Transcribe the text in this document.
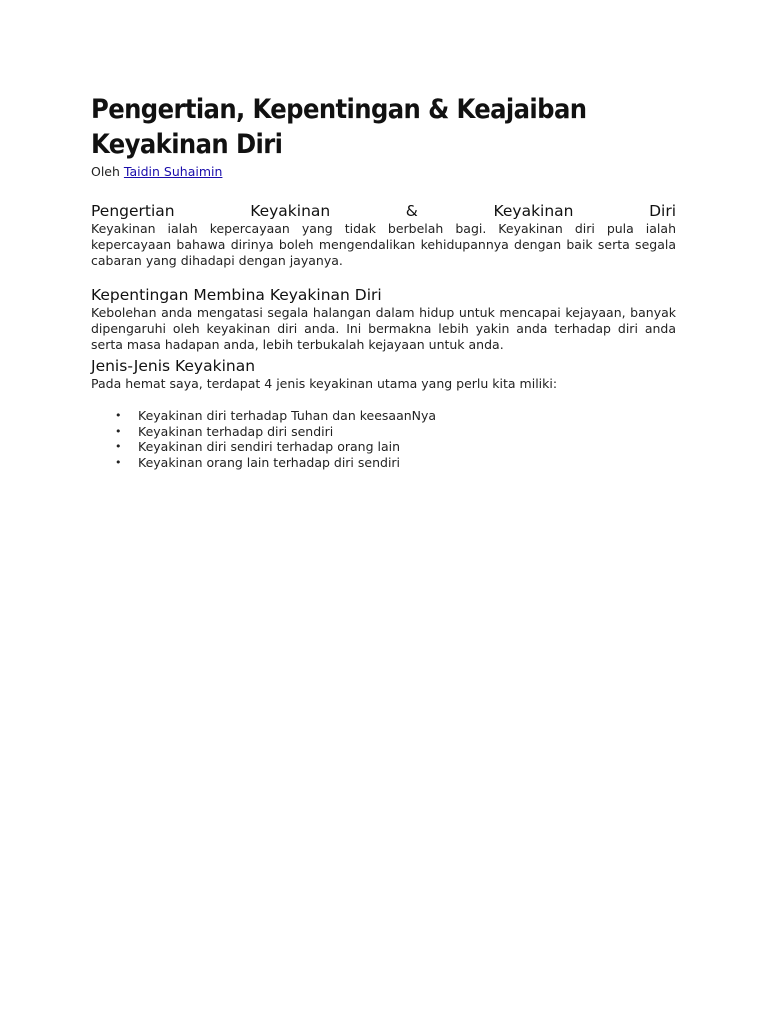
Pengertian, Kepentingan & Keajaiban
Keyakinan Diri
Oleh Taidin Suhaimin
Pengertian	Keyakinan	&	Keyakinan	Diri

Keyakinan ialah kepercayaan yang tidak berbelah bagi. Keyakinan diri pula ialah kepercayaan bahawa dirinya boleh mengendalikan kehidupannya dengan baik serta segala cabaran yang dihadapi dengan jayanya.

Kepentingan Membina Keyakinan Diri

Kebolehan anda mengatasi segala halangan dalam hidup untuk mencapai kejayaan, banyak dipengaruhi oleh keyakinan diri anda. Ini bermakna lebih yakin anda terhadap diri anda serta masa hadapan anda, lebih terbukalah kejayaan untuk anda.

Jenis-Jenis Keyakinan

Pada hemat saya, terdapat 4 jenis keyakinan utama yang perlu kita miliki:

• Keyakinan diri terhadap Tuhan dan keesaanNya
• Keyakinan terhadap diri sendiri
• Keyakinan diri sendiri terhadap orang lain
• Keyakinan orang lain terhadap diri sendiri
